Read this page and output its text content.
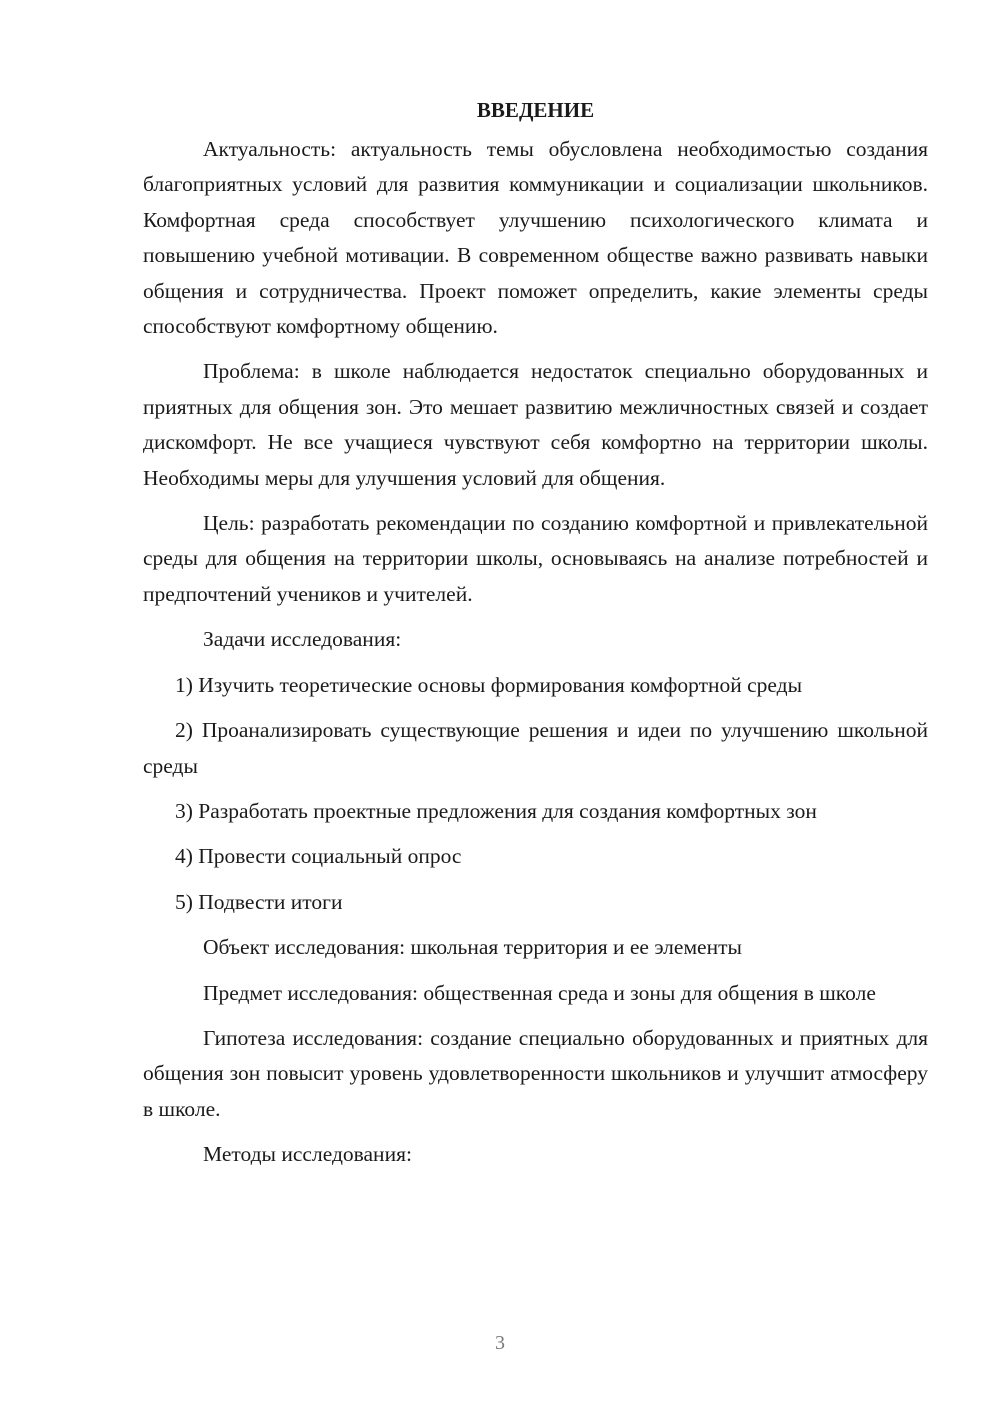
ВВЕДЕНИЕ

Актуальность: актуальность темы обусловлена необходимостью создания благоприятных условий для развития коммуникации и социализации школьников. Комфортная среда способствует улучшению психологического климата и повышению учебной мотивации. В современном обществе важно развивать навыки общения и сотрудничества. Проект поможет определить, какие элементы среды способствуют комфортному общению.

Проблема: в школе наблюдается недостаток специально оборудованных и приятных для общения зон. Это мешает развитию межличностных связей и создает дискомфорт. Не все учащиеся чувствуют себя комфортно на территории школы. Необходимы меры для улучшения условий для общения.

Цель: разработать рекомендации по созданию комфортной и привлекательной среды для общения на территории школы, основываясь на анализе потребностей и предпочтений учеников и учителей.

Задачи исследования:

1) Изучить теоретические основы формирования комфортной среды

2) Проанализировать существующие решения и идеи по улучшению школьной среды

3) Разработать проектные предложения для создания комфортных зон

4) Провести социальный опрос

5) Подвести итоги

Объект исследования: школьная территория и ее элементы

Предмет исследования: общественная среда и зоны для общения в школе

Гипотеза исследования: создание специально оборудованных и приятных для общения зон повысит уровень удовлетворенности школьников и улучшит атмосферу в школе.

Методы исследования:

3
